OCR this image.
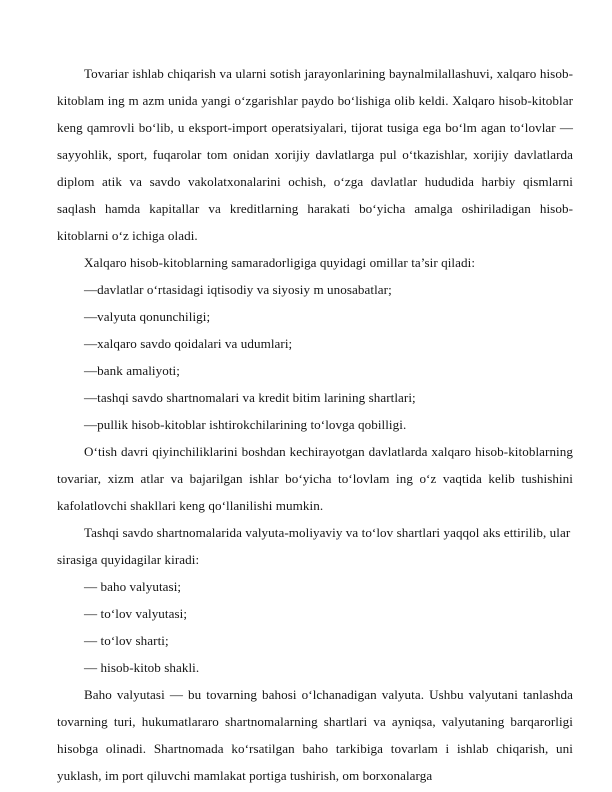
Tovariar ishlab chiqarish va ularni sotish jarayonlarining baynalmilallashuvi, xalqaro hisob-kitoblam ing m azm unida yangi o‘zgarishlar paydo bo‘lishiga olib keldi. Xalqaro hisob-kitoblar keng qamrovli bo‘lib, u eksport-import operatsiyalari, tijorat tusiga ega bo‘lm agan to‘lovlar —sayyohlik, sport, fuqarolar tom onidan xorijiy davlatlarga pul o‘tkazishlar, xorijiy davlatlarda diplom atik va savdo vakolatxonalarini ochish, o‘zga davlatlar hududida harbiy qismlarni saqlash hamda kapitallar va kreditlarning harakati bo‘yicha amalga oshiriladigan hisob-kitoblarni o‘z ichiga oladi.

Xalqaro hisob-kitoblarning samaradorligiga quyidagi omillar ta’sir qiladi:

—davlatlar o‘rtasidagi iqtisodiy va siyosiy m unosabatlar;

—valyuta qonunchiligi;

—xalqaro savdo qoidalari va udumlari;

—bank amaliyoti;

—tashqi savdo shartnomalari va kredit bitim larining shartlari;

—pullik hisob-kitoblar ishtirokchilarining to‘lovga qobilligi.

O‘tish davri qiyinchiliklarini boshdan kechirayotgan davlatlarda xalqaro hisob-kitoblarning tovariar, xizm atlar va bajarilgan ishlar bo‘yicha to‘lovlam ing o‘z vaqtida kelib tushishini kafolatlovchi shakllari keng qo‘llanilishi mumkin.

Tashqi savdo shartnomalarida valyuta-moliyaviy va to‘lov shartlari yaqqol aks ettirilib, ular sirasiga quyidagilar kiradi:

— baho valyutasi;

— to‘lov valyutasi;

— to‘lov sharti;

— hisob-kitob shakli.

Baho valyutasi — bu tovarning bahosi o‘lchanadigan valyuta. Ushbu valyutani tanlashda tovarning turi, hukumatlararo shartnomalarning shartlari va ayniqsa, valyutaning barqarorligi hisobga olinadi. Shartnomada ko‘rsatilgan baho tarkibiga tovarlam i ishlab chiqarish, uni yuklash, im port qiluvchi mamlakat portiga tushirish, om borxonalarga
